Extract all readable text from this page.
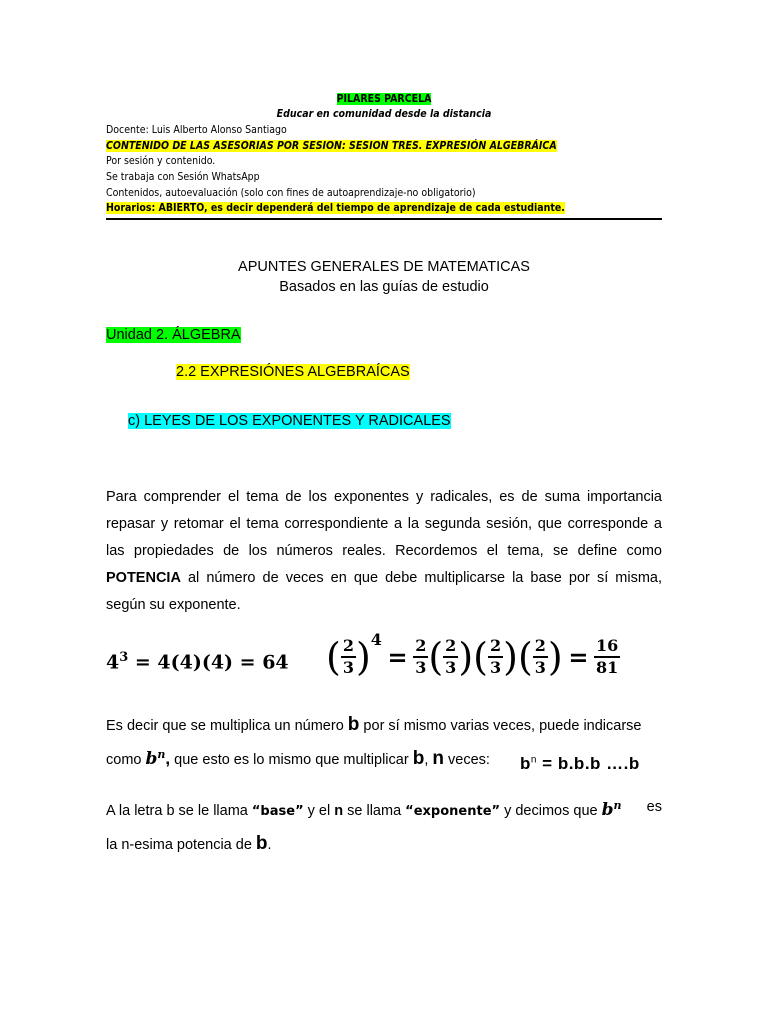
PILARES PARCELA
Educar en comunidad desde la distancia
Docente: Luis Alberto Alonso Santiago
CONTENIDO DE LAS ASESORIAS POR SESION: SESION TRES. EXPRESIÓN ALGEBRÁICA
Por sesión y contenido.
Se trabaja con Sesión WhatsApp
Contenidos, autoevaluación (solo con fines de autoaprendizaje-no obligatorio)
Horarios: ABIERTO, es decir dependerá del tiempo de aprendizaje de cada estudiante.
APUNTES GENERALES DE MATEMATICAS
Basados en las guías de estudio
Unidad 2. ÁLGEBRA
2.2 EXPRESIÓNES ALGEBRAÍCAS
c) LEYES DE LOS EXPONENTES Y RADICALES
Para comprender el tema de los exponentes y radicales, es de suma importancia repasar y retomar el tema correspondiente a la segunda sesión, que corresponde a las propiedades de los números reales. Recordemos el tema, se define como POTENCIA al número de veces en que debe multiplicarse la base por sí misma, según su exponente.
$4^3 = 4(4)(4) = 64$ ( $\frac{2}{3} )^4 = \frac{2}{3}$ ( $\frac{2}{3}$ )( $\frac{2}{3}$ )( $\frac{2}{3}$ ) = $\frac{16}{81}$
Es decir que se multiplica un número b por sí mismo varias veces, puede indicarse
como $b^n$, que esto es lo mismo que multiplicar b, n veces: $b^n = b.b.b$ ….b
A la letra b se le llama “base” y el n se llama “exponente” y decimos que $b^n$ es
la n-esima potencia de b.
